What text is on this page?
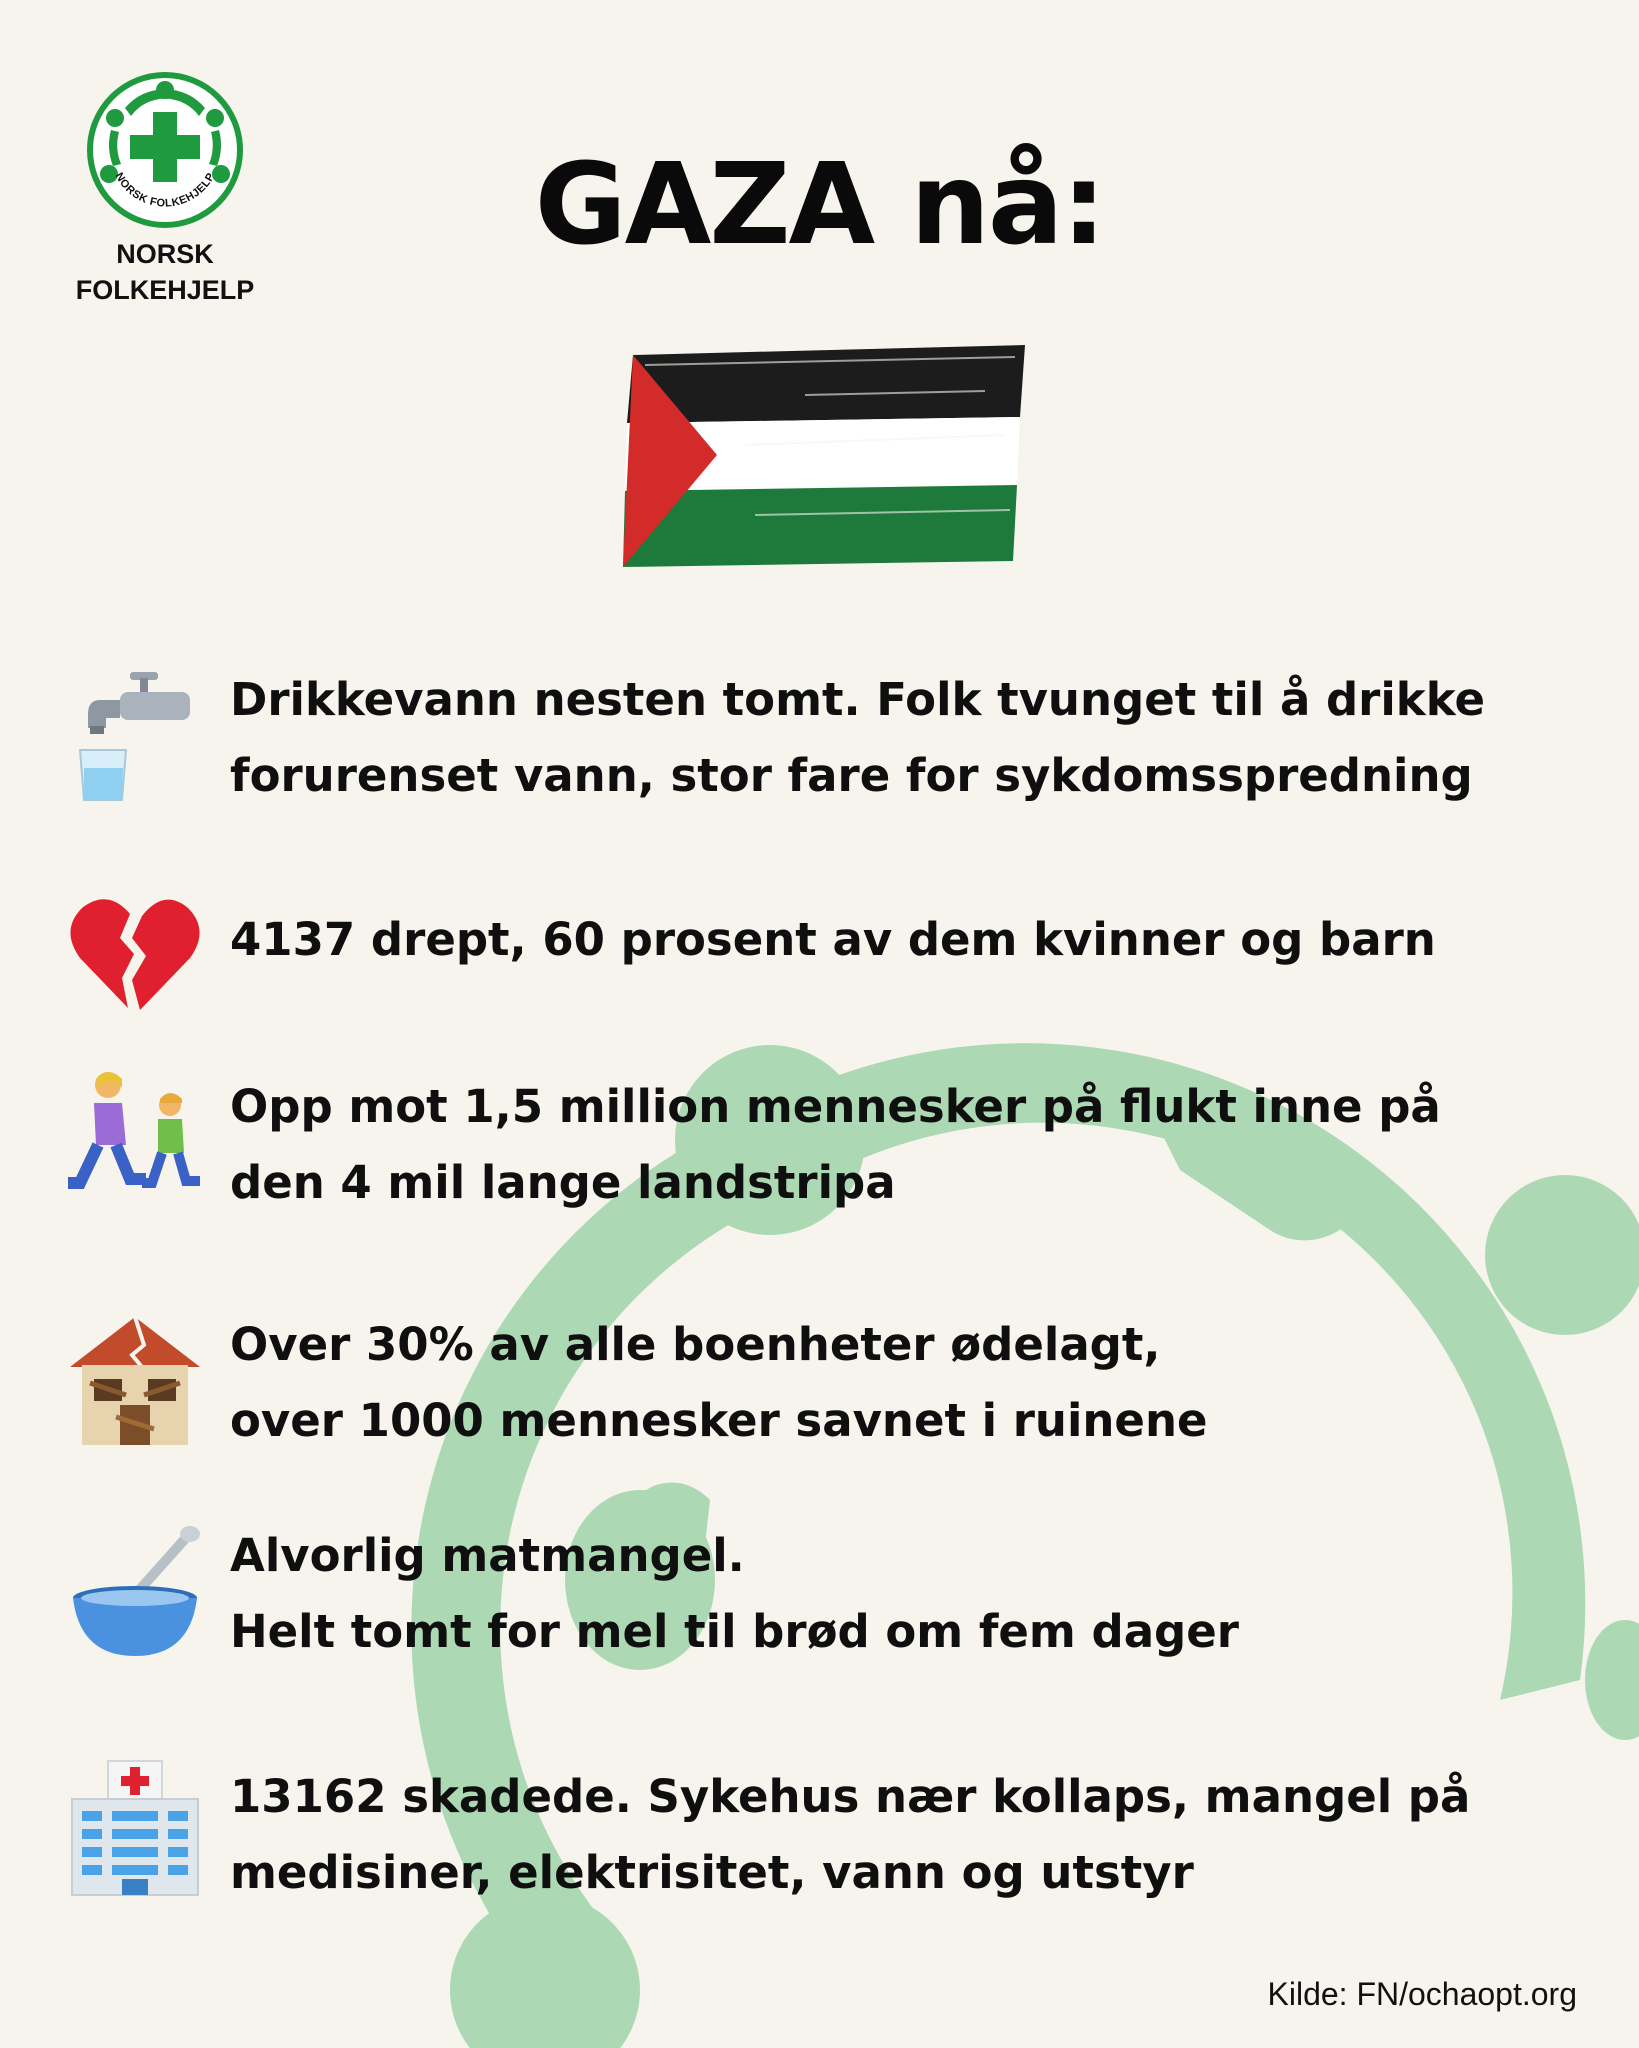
NORSK FOLKEHJELP
NORSK
FOLKEHJELP
GAZA nå:
Drikkevann nesten tomt. Folk tvunget til å drikke
forurenset vann, stor fare for sykdomsspredning
4137 drept, 60 prosent av dem kvinner og barn
Opp mot 1,5 million mennesker på flukt inne på
den 4 mil lange landstripa
Over 30% av alle boenheter ødelagt,
over 1000 mennesker savnet i ruinene
Alvorlig matmangel.
Helt tomt for mel til brød om fem dager
13162 skadede. Sykehus nær kollaps, mangel på
medisiner, elektrisitet, vann og utstyr
Kilde: FN/ochaopt.org
